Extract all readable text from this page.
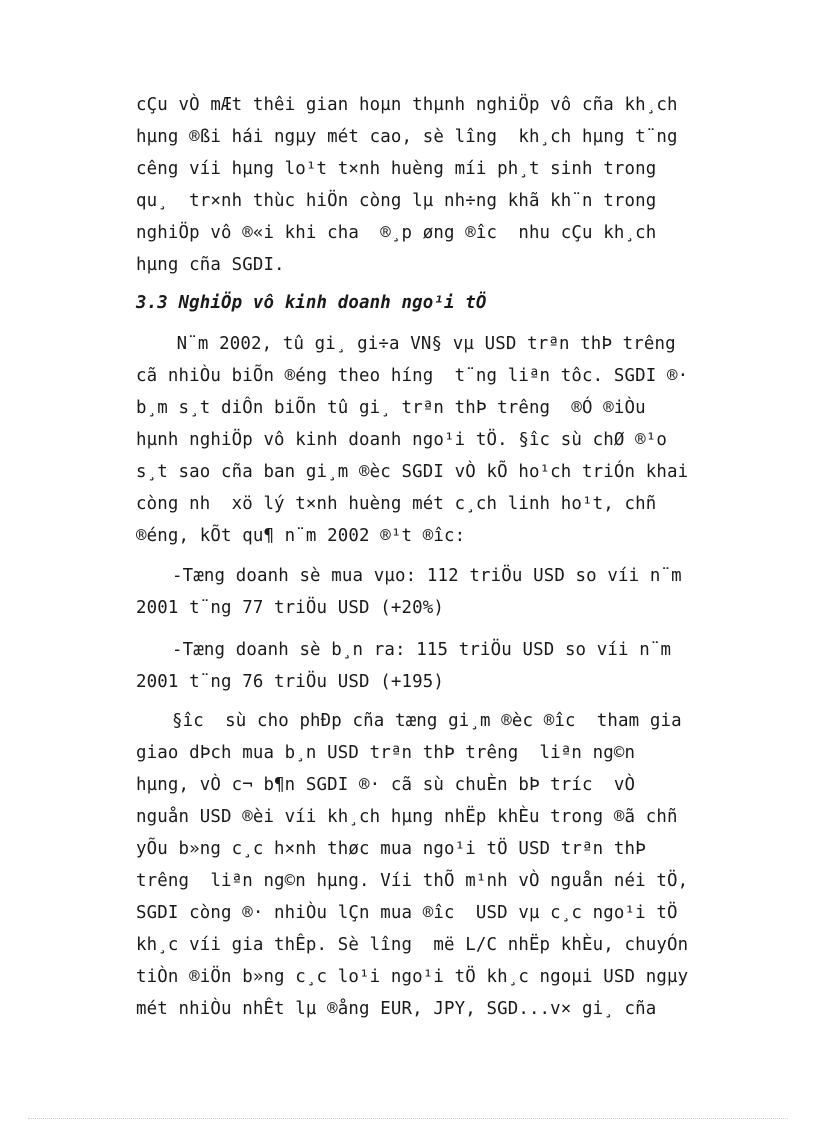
cÇu vÒ mÆt thêi gian hoµn thµnh nghiÖp vô cña kh¸ch
hµng ®ßi hái ngµy mét cao, sè lîng  kh¸ch hµng t¨ng
cêng víi hµng lo¹t t×nh huèng míi ph¸t sinh trong
qu¸  tr×nh thùc hiÖn còng lµ nh÷ng khã kh¨n trong
nghiÖp vô ®«i khi cha  ®¸p øng ®îc  nhu cÇu kh¸ch
hµng cña SGDI.
3.3 NghiÖp vô kinh doanh ngo¹i tÖ
N¨m 2002, tû gi¸ gi÷a VN§ vµ USD trªn thÞ trêng
cã nhiÒu biÕn ®éng theo híng  t¨ng liªn tôc. SGDI ®·
b¸m s¸t diÔn biÕn tû gi¸ trªn thÞ trêng  ®Ó ®iÒu
hµnh nghiÖp vô kinh doanh ngo¹i tÖ. §îc sù chØ ®¹o
s¸t sao cña ban gi¸m ®èc SGDI vÒ kÕ ho¹ch triÓn khai
còng nh  xö lý t×nh huèng mét c¸ch linh ho¹t, chñ
®éng, kÕt qu¶ n¨m 2002 ®¹t ®îc:
-Tæng doanh sè mua vµo: 112 triÖu USD so víi n¨m
2001 t¨ng 77 triÖu USD (+20%)
-Tæng doanh sè b¸n ra: 115 triÖu USD so víi n¨m
2001 t¨ng 76 triÖu USD (+195)
§îc  sù cho phÐp cña tæng gi¸m ®èc ®îc  tham gia
giao dÞch mua b¸n USD trªn thÞ trêng  liªn ng©n
hµng, vÒ c¬ b¶n SGDI ®· cã sù chuÈn bÞ tríc  vÒ
nguån USD ®èi víi kh¸ch hµng nhËp khÈu trong ®ã chñ
yÕu b»ng c¸c h×nh thøc mua ngo¹i tÖ USD trªn thÞ
trêng  liªn ng©n hµng. Víi thÕ m¹nh vÒ nguån néi tÖ,
SGDI còng ®· nhiÒu lÇn mua ®îc  USD vµ c¸c ngo¹i tÖ
kh¸c víi gia thÊp. Sè lîng  më L/C nhËp khÈu, chuyÓn
tiÒn ®iÖn b»ng c¸c lo¹i ngo¹i tÖ kh¸c ngoµi USD ngµy
mét nhiÒu nhÊt lµ ®ång EUR, JPY, SGD...v× gi¸ cña
